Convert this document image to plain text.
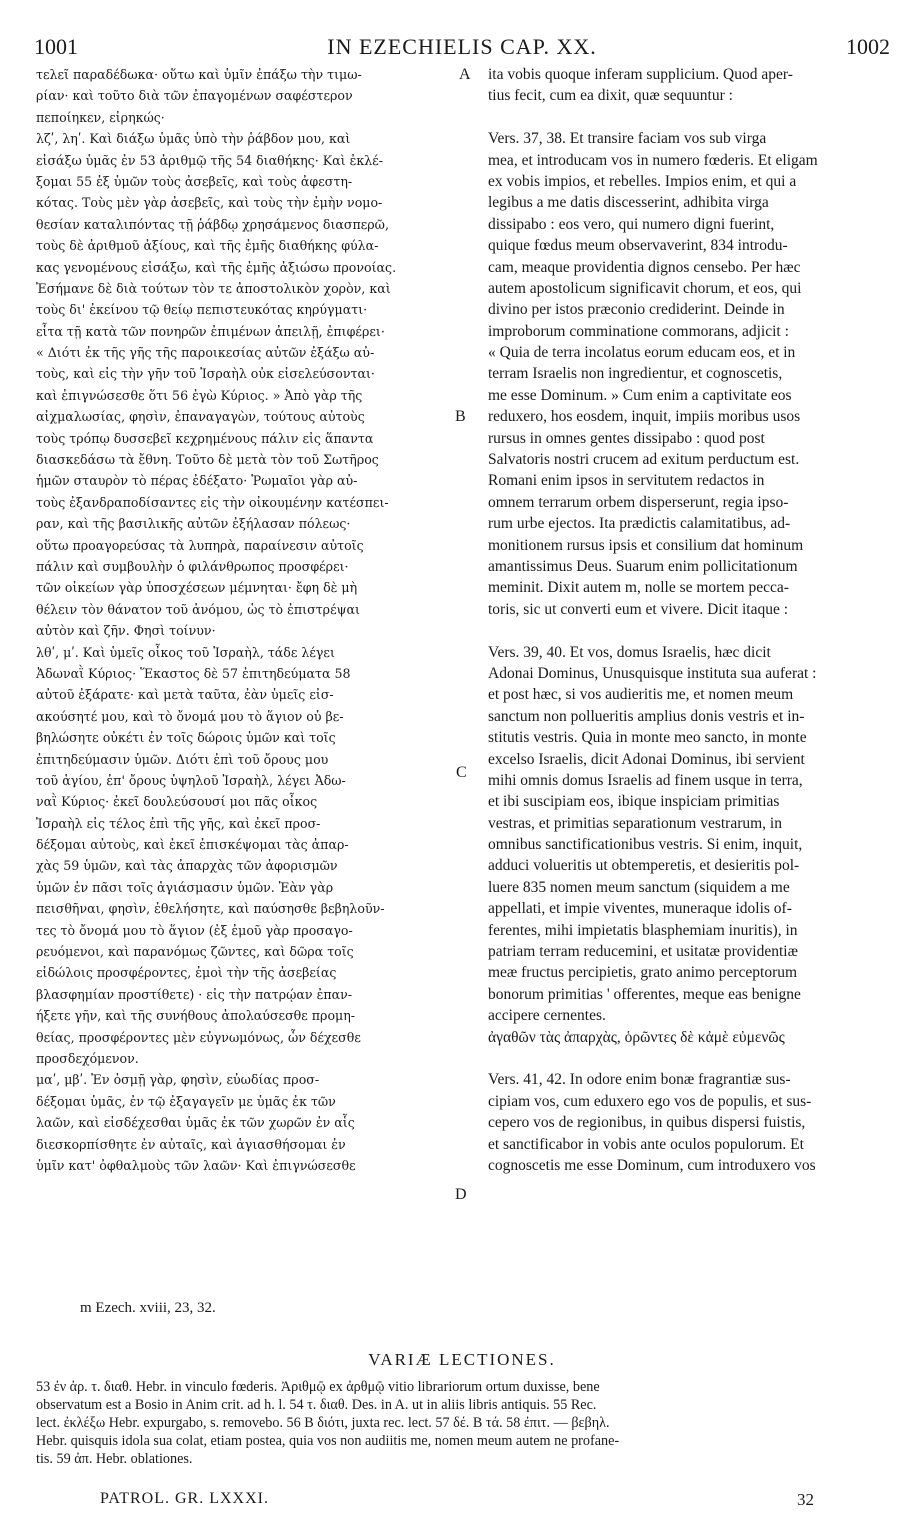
1001	IN EZECHIELIS CAP. XX.	1002
τελεῖ παραδέδωκα· οὕτω καὶ ὑμῖν ἐπάξω τὴν τιμω-
ρίαν· καὶ τοῦτο διὰ τῶν ἐπαγομένων σαφέστερον
πεποίηκεν, εἰρηκώς·
λζʹ, ληʹ. Καὶ διάξω ὑμᾶς ὑπὸ τὴν ῥάβδον μου, καὶ
εἰσάξω ὑμᾶς ἐν 53 ἀριθμῷ τῆς 54 διαθήκης· Καὶ ἐκλέ-
ξομαι 55 ἐξ ὑμῶν τοὺς ἀσεβεῖς, καὶ τοὺς ἀφεστη-
κότας. Τοὺς μὲν γὰρ ἀσεβεῖς, καὶ τοὺς τὴν ἐμὴν νομο-
θεσίαν καταλιπόντας τῇ ῥάβδῳ χρησάμενος διασπερῶ,
τοὺς δὲ ἀριθμοῦ ἀξίους, καὶ τῆς ἐμῆς διαθήκης φύλα-
κας γενομένους εἰσάξω, καὶ τῆς ἐμῆς ἀξιώσω προνοίας.
Ἐσήμανε δὲ διὰ τούτων τὸν τε ἀποστολικὸν χορὸν, καὶ
τοὺς δι' ἐκείνου τῷ θείῳ πεπιστευκότας κηρύγματι·
εἶτα τῇ κατὰ τῶν πονηρῶν ἐπιμένων ἀπειλῇ, ἐπιφέρει·
« Διότι ἐκ τῆς γῆς τῆς παροικεσίας αὐτῶν ἐξάξω αὐ-
τοὺς, καὶ εἰς τὴν γῆν τοῦ Ἰσραὴλ οὐκ εἰσελεύσονται·
καὶ ἐπιγνώσεσθε ὅτι 56 ἐγὼ Κύριος. » Ἀπὸ γὰρ τῆς
αἰχμαλωσίας, φησὶν, ἐπαναγαγὼν, τούτους αὐτοὺς
τοὺς τρόπῳ δυσσεβεῖ κεχρημένους πάλιν εἰς ἅπαντα
διασκεδάσω τὰ ἔθνη. Τοῦτο δὲ μετὰ τὸν τοῦ Σωτῆρος
ἡμῶν σταυρὸν τὸ πέρας ἐδέξατο· Ῥωμαῖοι γὰρ αὐ-
τοὺς ἐξανδραποδίσαντες εἰς τὴν οἰκουμένην κατέσπει-
ραν, καὶ τῆς βασιλικῆς αὐτῶν ἐξήλασαν πόλεως·
οὕτω προαγορεύσας τὰ λυπηρὰ, παραίνεσιν αὐτοῖς
πάλιν καὶ συμβουλὴν ὁ φιλάνθρωπος προσφέρει·
τῶν οἰκείων γὰρ ὑποσχέσεων μέμνηται· ἔφη δὲ μὴ
θέλειν τὸν θάνατον τοῦ ἀνόμου, ὡς τὸ ἐπιστρέψαι
αὐτὸν καὶ ζῆν. Φησὶ τοίνυν·
λθʹ, μʹ. Καὶ ὑμεῖς οἶκος τοῦ Ἰσραὴλ, τάδε λέγει
Ἀδωναῒ Κύριος· Ἕκαστος δὲ 57 ἐπιτηδεύματα 58
αὐτοῦ ἐξάρατε· καὶ μετὰ ταῦτα, ἐὰν ὑμεῖς εἰσ-
ακούσητέ μου, καὶ τὸ ὄνομά μου τὸ ἅγιον οὐ βε-
βηλώσητε οὐκέτι ἐν τοῖς δώροις ὑμῶν καὶ τοῖς
ἐπιτηδεύμασιν ὑμῶν. Διότι ἐπὶ τοῦ ὄρους μου
τοῦ ἁγίου, ἐπ' ὄρους ὑψηλοῦ Ἰσραὴλ, λέγει Ἀδω-
ναῒ Κύριος· ἐκεῖ δουλεύσουσί μοι πᾶς οἶκος
Ἰσραὴλ εἰς τέλος ἐπὶ τῆς γῆς, καὶ ἐκεῖ προσ-
δέξομαι αὐτοὺς, καὶ ἐκεῖ ἐπισκέψομαι τὰς ἀπαρ-
χὰς 59 ὑμῶν, καὶ τὰς ἀπαρχὰς τῶν ἀφορισμῶν
ὑμῶν ἐν πᾶσι τοῖς ἁγιάσμασιν ὑμῶν. Ἐὰν γὰρ
πεισθῆναι, φησὶν, ἐθελήσητε, καὶ παύσησθε βεβηλοῦν-
τες τὸ ὄνομά μου τὸ ἅγιον (ἐξ ἐμοῦ γὰρ προσαγο-
ρευόμενοι, καὶ παρανόμως ζῶντες, καὶ δῶρα τοῖς
εἰδώλοις προσφέροντες, ἐμοὶ τὴν τῆς ἀσεβείας
βλασφημίαν προστίθετε) · εἰς τὴν πατρῴαν ἐπαν-
ήξετε γῆν, καὶ τῆς συνήθους ἀπολαύσεσθε προμη-
θείας, προσφέροντες μὲν εὐγνωμόνως, ὧν δέχεσθε
προσδεχόμενον.
μαʹ, μβʹ. Ἐν ὀσμῇ γὰρ, φησὶν, εὐωδίας προσ-
δέξομαι ὑμᾶς, ἐν τῷ ἐξαγαγεῖν με ὑμᾶς ἐκ τῶν
λαῶν, καὶ εἰσδέχεσθαι ὑμᾶς ἐκ τῶν χωρῶν ἐν αἷς
διεσκορπίσθητε ἐν αὐταῖς, καὶ ἁγιασθήσομαι ἐν
ὑμῖν κατ' ὀφθαλμοὺς τῶν λαῶν· Καὶ ἐπιγνώσεσθε
ita vobis quoque inferam supplicium. Quod aper-
tius fecit, cum ea dixit, quæ sequuntur :
Vers. 37, 38. Et transire faciam vos sub virga
mea, et introducam vos in numero fœderis. Et eligam
ex vobis impios, et rebelles. Impios enim, et qui a
legibus a me datis discesserint, adhibita virga
dissipabo : eos vero, qui numero digni fuerint,
quique fœdus meum observaverint, 834 introdu-
cam, meaque providentia dignos censebo. Per hæc
autem apostolicum significavit chorum, et eos, qui
divino per istos præconio crediderint. Deinde in
improborum comminatione commorans, adjicit :
« Quia de terra incolatus eorum educam eos, et in
terram Israelis non ingredientur, et cognoscetis,
me esse Dominum. » Cum enim a captivitate eos
reduxero, hos eosdem, inquit, impiis moribus usos
rursus in omnes gentes dissipabo : quod post
Salvatoris nostri crucem ad exitum perductum est.
Romani enim ipsos in servitutem redactos in
omnem terrarum orbem disperserunt, regia ipso-
rum urbe ejectos. Ita prædictis calamitatibus, ad-
monitionem rursus ipsis et consilium dat hominum
amantissimus Deus. Suarum enim pollicitationum
meminit. Dixit autem m, nolle se mortem pecca-
toris, sic ut converti eum et vivere. Dicit itaque :
Vers. 39, 40. Et vos, domus Israelis, hæc dicit
Adonai Dominus, Unusquisque instituta sua auferat :
et post hæc, si vos audieritis me, et nomen meum
sanctum non pollueritis amplius donis vestris et in-
stitutis vestris. Quia in monte meo sancto, in monte
excelso Israelis, dicit Adonai Dominus, ibi servient
mihi omnis domus Israelis ad finem usque in terra,
et ibi suscipiam eos, ibique inspiciam primitias
vestras, et primitias separationum vestrarum, in
omnibus sanctificationibus vestris. Si enim, inquit,
adduci volueritis ut obtemperetis, et desieritis pol-
luere 835 nomen meum sanctum (siquidem a me
appellati, et impie viventes, muneraque idolis of-
ferentes, mihi impietatis blasphemiam inuritis), in
patriam terram reducemini, et usitatæ providentiæ
meæ fructus percipietis, grato animo perceptorum
bonorum primitias ' offerentes, meque eas benigne
accipere cernentes.
ἀγαθῶν τὰς ἀπαρχὰς, ὁρῶντες δὲ κἀμὲ εὐμενῶς
Vers. 41, 42. In odore enim bonæ fragrantiæ sus-
cipiam vos, cum eduxero ego vos de populis, et sus-
cepero vos de regionibus, in quibus dispersi fuistis,
et sanctificabor in vobis ante oculos populorum. Et
cognoscetis me esse Dominum, cum introduxero vos
A
B
C
D
m Ezech. xviii, 23, 32.
VARIÆ LECTIONES.
53 ἐν ἀρ. τ. διαθ. Hebr. in vinculo fœderis. Ἀριθμῷ ex ἀρθμῷ vitio librariorum ortum duxisse, bene
observatum est a Bosio in Anim crit. ad h. l. 54 τ. διαθ. Des. in A. ut in aliis libris antiquis. 55 Rec.
lect. ἐκλέξω Hebr. expurgabo, s. removebo. 56 B διότι, juxta rec. lect. 57 δέ. B τά. 58 ἐπιτ. — βεβηλ.
Hebr. quisquis idola sua colat, etiam postea, quia vos non audiitis me, nomen meum autem ne profane-
tis. 59 ἀπ. Hebr. oblationes.
PATROL. GR. LXXXI.	32
